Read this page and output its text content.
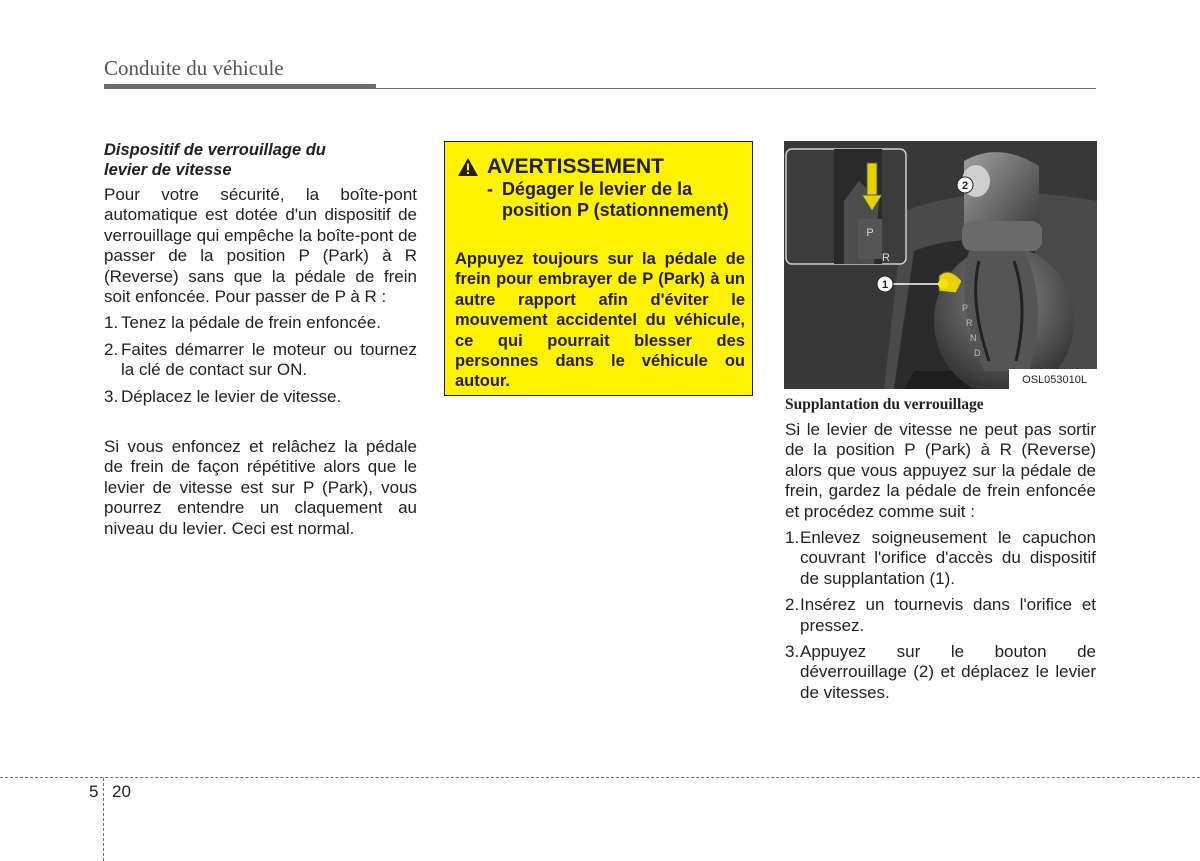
Conduite du véhicule
Dispositif de verrouillage du
levier de vitesse

Pour votre sécurité, la boîte-pont automatique est dotée d'un dispositif de verrouillage qui empêche la boîte-pont de passer de la position P (Park) à R (Reverse) sans que la pédale de frein soit enfoncée. Pour passer de P à R :

1. Tenez la pédale de frein enfoncée.
2. Faites démarrer le moteur ou tournez la clé de contact sur ON.
3. Déplacez le levier de vitesse.

Si vous enfoncez et relâchez la pédale de frein de façon répétitive alors que le levier de vitesse est sur P (Park), vous pourrez entendre un claquement au niveau du levier. Ceci est normal.

AVERTISSEMENT
- Dégager le levier de la position P (stationnement)
Appuyez toujours sur la pédale de frein pour embrayer de P (Park) à un autre rapport afin d'éviter le mouvement accidentel du véhicule, ce qui pourrait blesser des personnes dans le véhicule ou autour.
P
R
P
R
N
D
1
2
OSL053010L
Supplantation du verrouillage

Si le levier de vitesse ne peut pas sortir de la position P (Park) à R (Reverse) alors que vous appuyez sur la pédale de frein, gardez la pédale de frein enfoncée et procédez comme suit :

1. Enlevez soigneusement le capuchon couvrant l'orifice d'accès du dispositif de supplantation (1).
2. Insérez un tournevis dans l'orifice et pressez.
3. Appuyez sur le bouton de déverrouillage (2) et déplacez le levier de vitesses.
5 20
